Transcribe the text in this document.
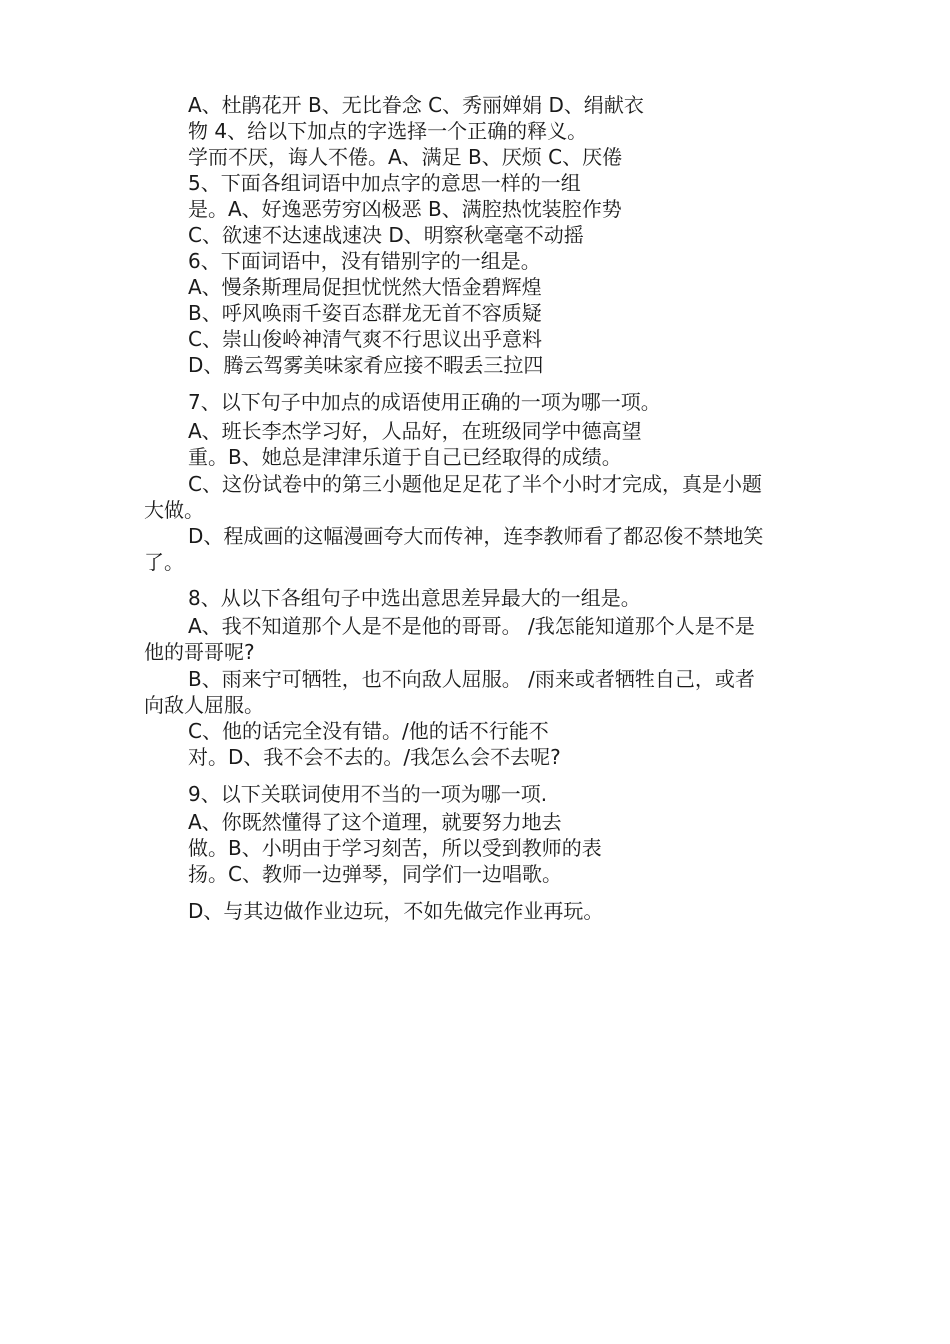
A、杜鹃花开 B、无比眷念 C、秀丽婵娟 D、绢献衣
物 4、给以下加点的字选择一个正确的释义。
学而不厌，诲人不倦。A、满足 B、厌烦 C、厌倦
5、下面各组词语中加点字的意思一样的一组
是。A、好逸恶劳穷凶极恶 B、满腔热忱装腔作势
C、欲速不达速战速决 D、明察秋毫毫不动摇
6、下面词语中，没有错别字的一组是。
A、慢条斯理局促担忧恍然大悟金碧辉煌
B、呼风唤雨千姿百态群龙无首不容质疑
C、崇山俊岭神清气爽不行思议出乎意料
D、腾云驾雾美味家肴应接不暇丢三拉四
7、以下句子中加点的成语使用正确的一项为哪一项。
A、班长李杰学习好，人品好，在班级同学中德高望
重。B、她总是津津乐道于自己已经取得的成绩。
C、这份试卷中的第三小题他足足花了半个小时才完成，真是小题
大做。
D、程成画的这幅漫画夸大而传神，连李教师看了都忍俊不禁地笑
了。
8、从以下各组句子中选出意思差异最大的一组是。
A、我不知道那个人是不是他的哥哥。 /我怎能知道那个人是不是
他的哥哥呢?
B、雨来宁可牺牲，也不向敌人屈服。 /雨来或者牺牲自己，或者
向敌人屈服。
C、他的话完全没有错。/他的话不行能不
对。D、我不会不去的。/我怎么会不去呢?
9、以下关联词使用不当的一项为哪一项.
A、你既然懂得了这个道理，就要努力地去
做。B、小明由于学习刻苦，所以受到教师的表
扬。C、教师一边弹琴，同学们一边唱歌。
D、与其边做作业边玩，不如先做完作业再玩。
